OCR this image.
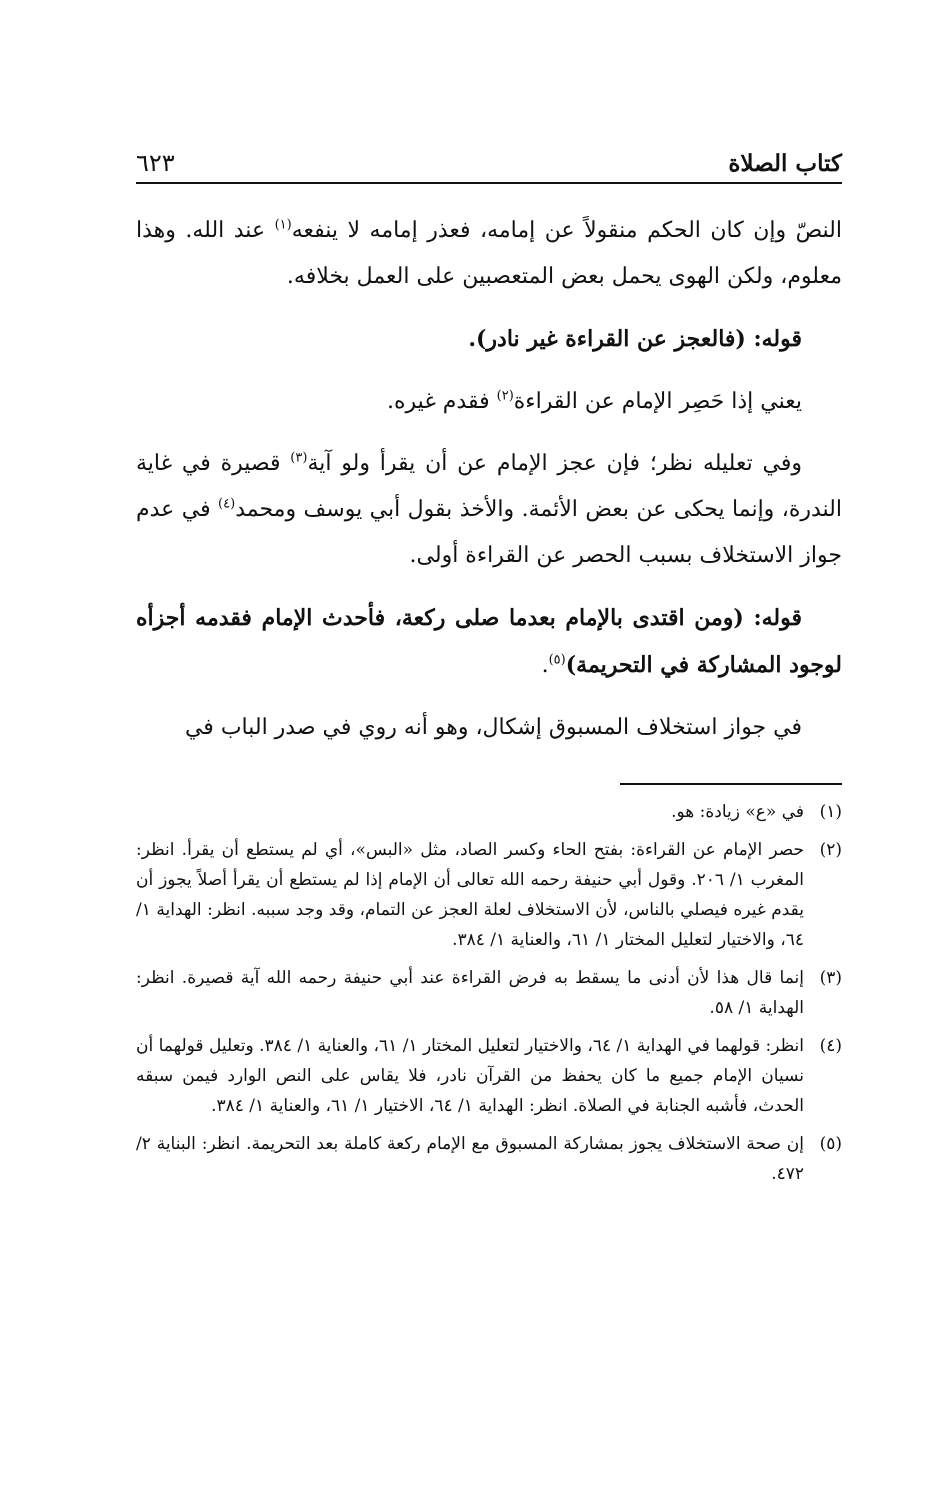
كتاب الصلاة
٦٢٣

النصّ وإن كان الحكم منقولاً عن إمامه، فعذر إمامه لا ينفعه$^{(١)}$ عند الله. وهذا معلوم، ولكن الهوى يحمل بعض المتعصبين على العمل بخلافه.

قوله: (فالعجز عن القراءة غير نادر).

يعني إذا حَصِر الإمام عن القراءة$^{(٢)}$ فقدم غيره.

وفي تعليله نظر؛ فإن عجز الإمام عن أن يقرأ ولو آية$^{(٣)}$ قصيرة في غاية الندرة، وإنما يحكى عن بعض الأئمة. والأخذ بقول أبي يوسف ومحمد$^{(٤)}$ في عدم جواز الاستخلاف بسبب الحصر عن القراءة أولى.

قوله: (ومن اقتدى بالإمام بعدما صلى ركعة، فأحدث الإمام فقدمه أجزأه لوجود المشاركة في التحريمة)$^{(٥)}$.

في جواز استخلاف المسبوق إشكال، وهو أنه روي في صدر الباب في

(١)
في «ع» زيادة: هو.
(٢)
حصر الإمام عن القراءة: بفتح الحاء وكسر الصاد، مثل «البس»، أي لم يستطع أن يقرأ. انظر: المغرب ١/ ٢٠٦. وقول أبي حنيفة رحمه الله تعالى أن الإمام إذا لم يستطع أن يقرأ أصلاً يجوز أن يقدم غيره فيصلي بالناس، لأن الاستخلاف لعلة العجز عن التمام، وقد وجد سببه. انظر: الهداية ١/ ٦٤، والاختيار لتعليل المختار ١/ ٦١، والعناية ١/ ٣٨٤.
(٣)
إنما قال هذا لأن أدنى ما يسقط به فرض القراءة عند أبي حنيفة رحمه الله آية قصيرة. انظر: الهداية ١/ ٥٨.
(٤)
انظر: قولهما في الهداية ١/ ٦٤، والاختيار لتعليل المختار ١/ ٦١، والعناية ١/ ٣٨٤. وتعليل قولهما أن نسيان الإمام جميع ما كان يحفظ من القرآن نادر، فلا يقاس على النص الوارد فيمن سبقه الحدث، فأشبه الجنابة في الصلاة. انظر: الهداية ١/ ٦٤، الاختيار ١/ ٦١، والعناية ١/ ٣٨٤.
(٥)
إن صحة الاستخلاف يجوز بمشاركة المسبوق مع الإمام ركعة كاملة بعد التحريمة. انظر: البناية ٢/ ٤٧٢.
